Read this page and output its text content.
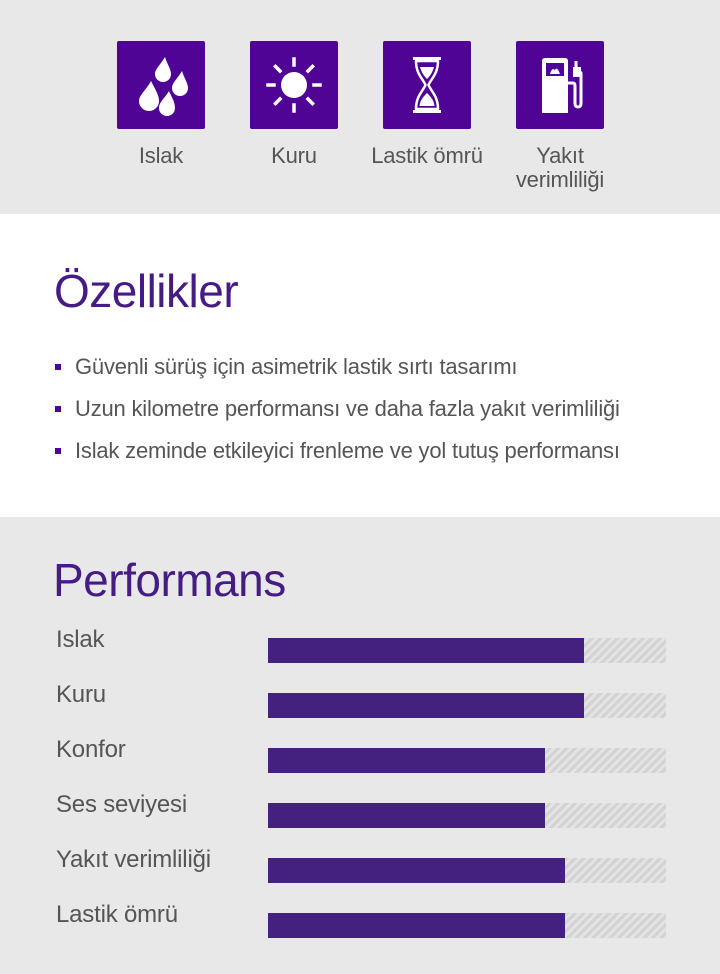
Islak	Kuru	Lastik ömrü	Yakıt verimliliği
Özellikler
Güvenli sürüş için asimetrik lastik sırtı tasarımı
Uzun kilometre performansı ve daha fazla yakıt verimliliği
Islak zeminde etkileyici frenleme ve yol tutuş performansı
Performans
Islak
Kuru
Konfor
Ses seviyesi
Yakıt verimliliği
Lastik ömrü
